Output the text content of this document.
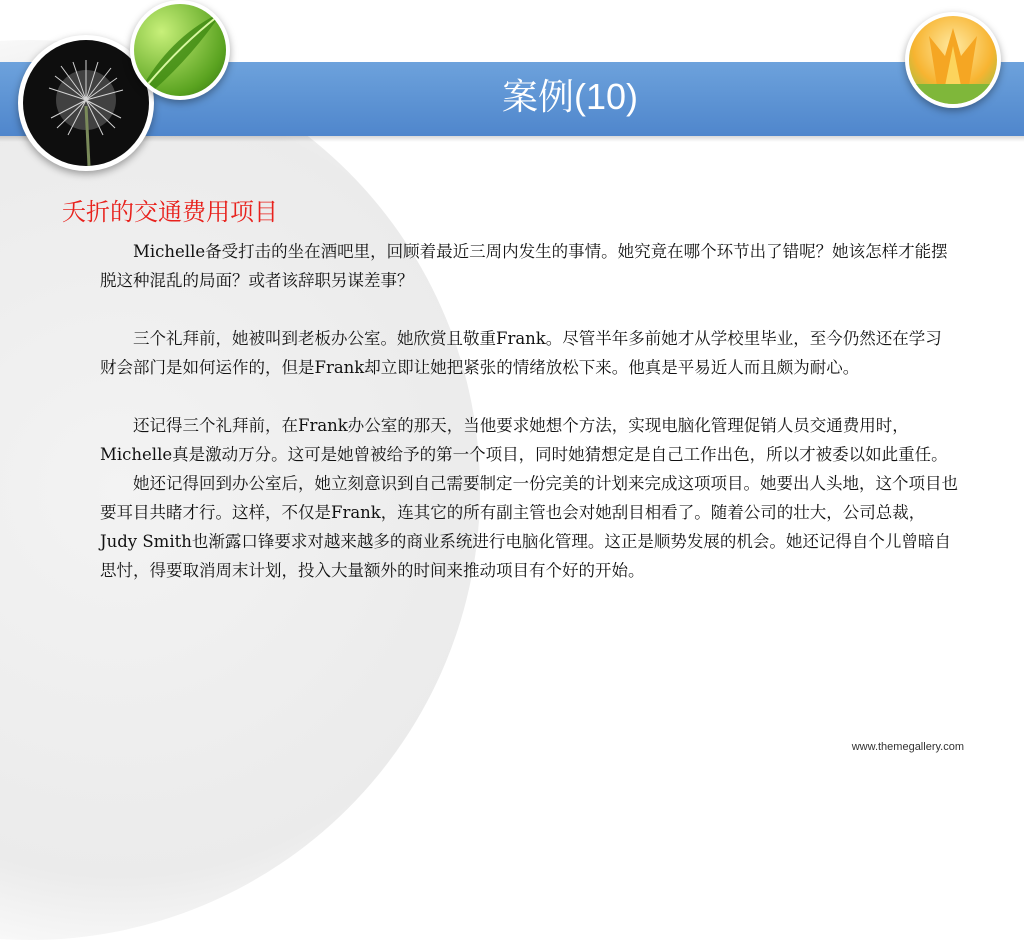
案例(10)
夭折的交通费用项目

Michelle备受打击的坐在酒吧里，回顾着最近三周内发生的事情。她究竟在哪个环节出了错呢？她该怎样才能摆脱这种混乱的局面？或者该辞职另谋差事？

三个礼拜前，她被叫到老板办公室。她欣赏且敬重Frank。尽管半年多前她才从学校里毕业，至今仍然还在学习财会部门是如何运作的，但是Frank却立即让她把紧张的情绪放松下来。他真是平易近人而且颇为耐心。

还记得三个礼拜前，在Frank办公室的那天，当他要求她想个方法，实现电脑化管理促销人员交通费用时，Michelle真是激动万分。这可是她曾被给予的第一个项目，同时她猜想定是自己工作出色，所以才被委以如此重任。

她还记得回到办公室后，她立刻意识到自己需要制定一份完美的计划来完成这项项目。她要出人头地，这个项目也要耳目共睹才行。这样，不仅是Frank，连其它的所有副主管也会对她刮目相看了。随着公司的壮大，公司总裁，Judy Smith也渐露口锋要求对越来越多的商业系统进行电脑化管理。这正是顺势发展的机会。她还记得自个儿曾暗自思忖，得要取消周末计划，投入大量额外的时间来推动项目有个好的开始。

www.themegallery.com
